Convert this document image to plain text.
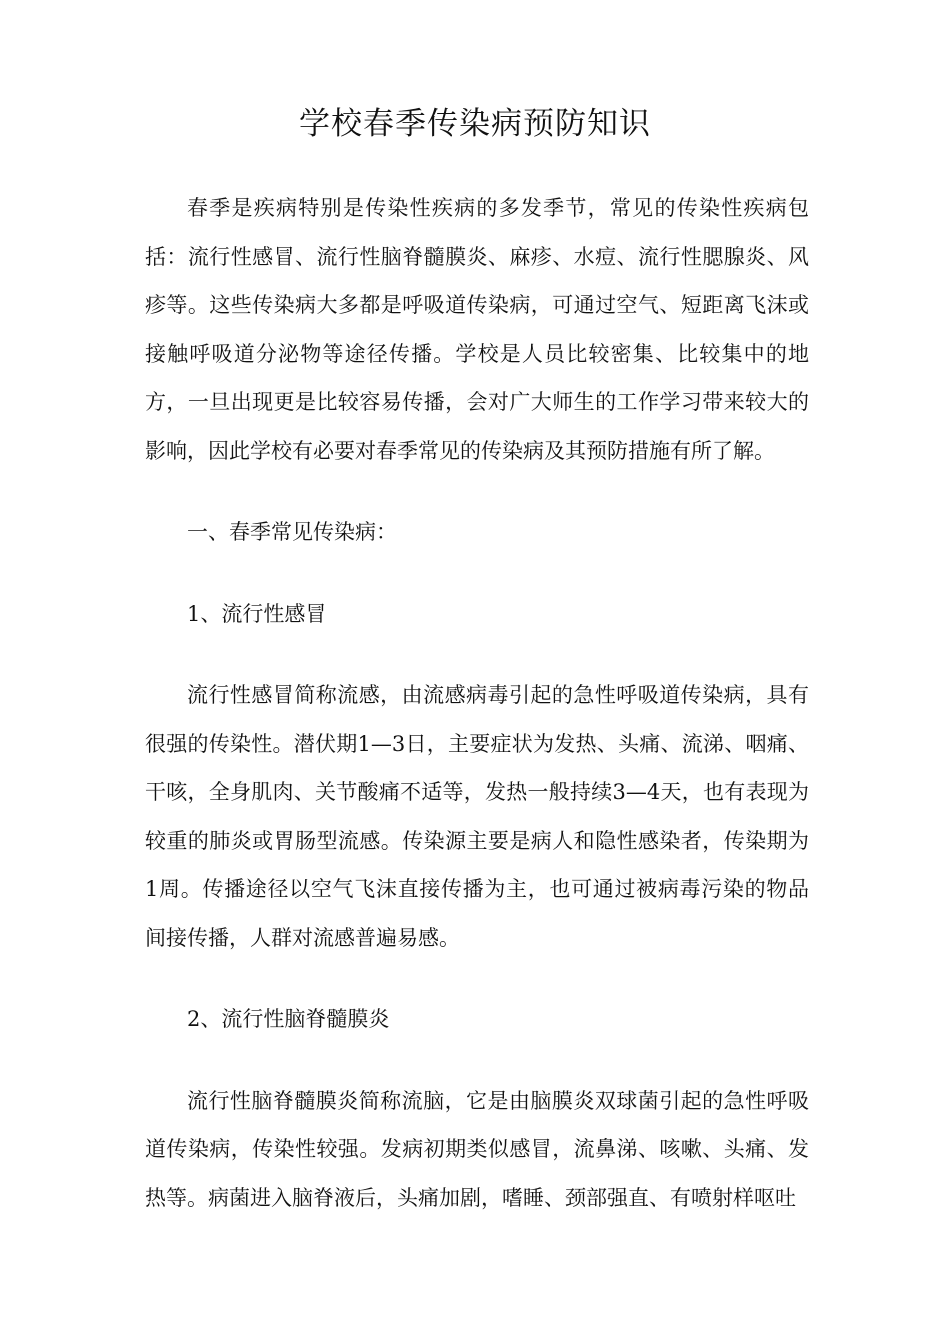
学校春季传染病预防知识

春季是疾病特别是传染性疾病的多发季节，常见的传染性疾病包括：流行性感冒、流行性脑脊髓膜炎、麻疹、水痘、流行性腮腺炎、风疹等。这些传染病大多都是呼吸道传染病，可通过空气、短距离飞沫或接触呼吸道分泌物等途径传播。学校是人员比较密集、比较集中的地方，一旦出现更是比较容易传播，会对广大师生的工作学习带来较大的影响，因此学校有必要对春季常见的传染病及其预防措施有所了解。

一、春季常见传染病：

1、流行性感冒

流行性感冒简称流感，由流感病毒引起的急性呼吸道传染病，具有很强的传染性。潜伏期1—3日，主要症状为发热、头痛、流涕、咽痛、干咳，全身肌肉、关节酸痛不适等，发热一般持续3—4天，也有表现为较重的肺炎或胃肠型流感。传染源主要是病人和隐性感染者，传染期为1周。传播途径以空气飞沫直接传播为主，也可通过被病毒污染的物品间接传播，人群对流感普遍易感。

2、流行性脑脊髓膜炎

流行性脑脊髓膜炎简称流脑，它是由脑膜炎双球菌引起的急性呼吸道传染病，传染性较强。发病初期类似感冒，流鼻涕、咳嗽、头痛、发热等。病菌进入脑脊液后，头痛加剧，嗜睡、颈部强直、有喷射样呕吐
